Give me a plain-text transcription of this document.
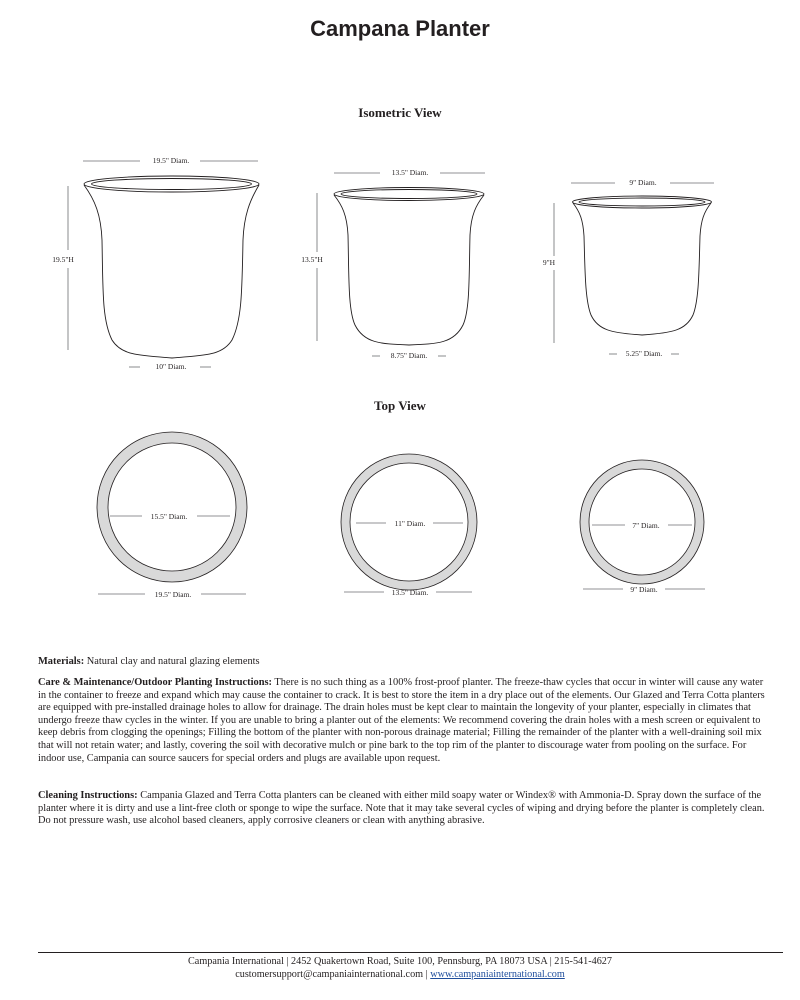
Campana Planter
Isometric View
Top View
19.5" Diam.
19.5"H
10" Diam.
13.5" Diam.
13.5"H
8.75" Diam.
9" Diam.
9"H
5.25" Diam.
15.5" Diam.
19.5" Diam.
11" Diam.
13.5" Diam.
7" Diam.
9" Diam.
Materials: Natural clay and natural glazing elements
Care & Maintenance/Outdoor Planting Instructions: There is no such thing as a 100% frost-proof planter. The freeze-thaw cycles that occur in winter will cause any water in the container to freeze and expand which may cause the container to crack. It is best to store the item in a dry place out of the elements. Our Glazed and Terra Cotta planters are equipped with pre-installed drainage holes to allow for drainage. The drain holes must be kept clear to maintain the longevity of your planter, especially in climates that undergo freeze thaw cycles in the winter. If you are unable to bring a planter out of the elements: We recommend covering the drain holes with a mesh screen or equivalent to keep debris from clogging the openings; Filling the bottom of the planter with non-porous drainage material; Filling the remainder of the planter with a well-draining soil mix that will not retain water; and lastly, covering the soil with decorative mulch or pine bark to the top rim of the planter to discourage water from pooling on the surface. For indoor use, Campania can source saucers for special orders and plugs are available upon request.
Cleaning Instructions: Campania Glazed and Terra Cotta planters can be cleaned with either mild soapy water or Windex® with Ammonia-D. Spray down the surface of the planter where it is dirty and use a lint-free cloth or sponge to wipe the surface. Note that it may take several cycles of wiping and drying before the planter is completely clean. Do not pressure wash, use alcohol based cleaners, apply corrosive cleaners or clean with anything abrasive.
Campania International | 2452 Quakertown Road, Suite 100, Pennsburg, PA 18073 USA | 215-541-4627
customersupport@campaniainternational.com | www.campaniainternational.com
